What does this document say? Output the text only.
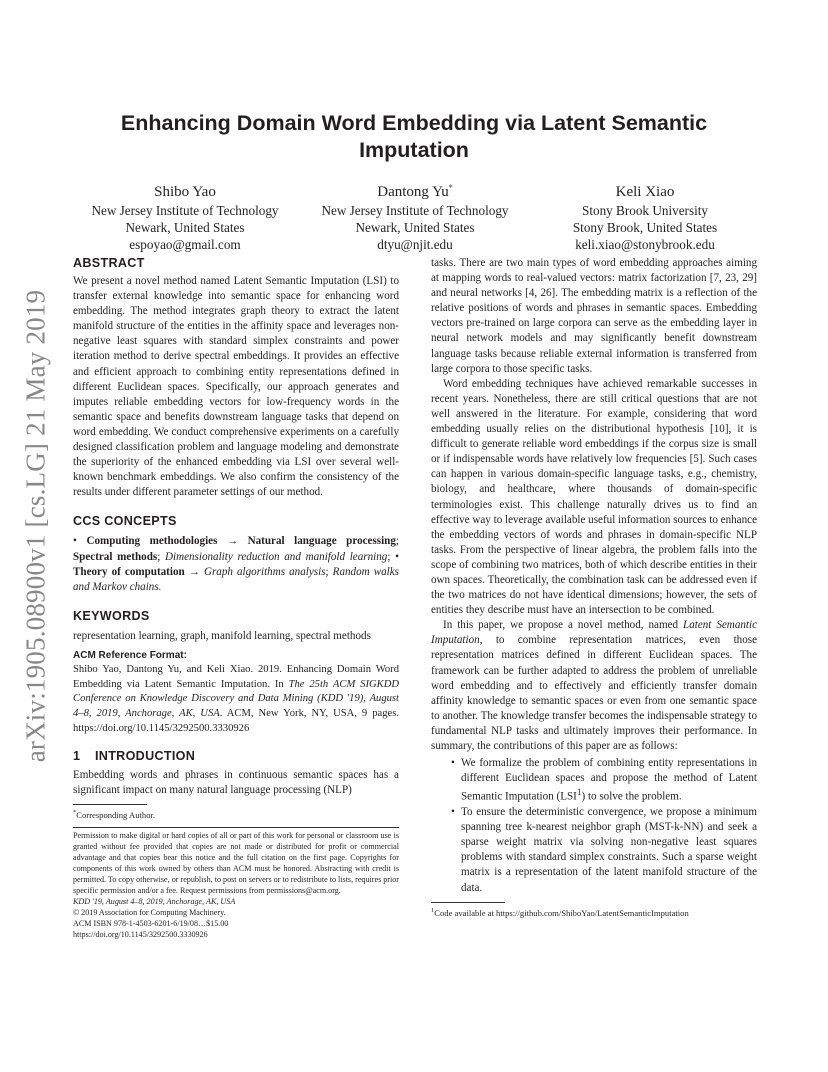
arXiv:1905.08900v1 [cs.LG] 21 May 2019
Enhancing Domain Word Embedding via Latent Semantic
Imputation
Shibo Yao
New Jersey Institute of Technology
Newark, United States
espoyao@gmail.com
Dantong Yu*
New Jersey Institute of Technology
Newark, United States
dtyu@njit.edu
Keli Xiao
Stony Brook University
Stony Brook, United States
keli.xiao@stonybrook.edu
ABSTRACT

We present a novel method named Latent Semantic Imputation (LSI) to transfer external knowledge into semantic space for enhancing word embedding. The method integrates graph theory to extract the latent manifold structure of the entities in the affinity space and leverages non-negative least squares with standard simplex constraints and power iteration method to derive spectral embeddings. It provides an effective and efficient approach to combining entity representations defined in different Euclidean spaces. Specifically, our approach generates and imputes reliable embedding vectors for low-frequency words in the semantic space and benefits downstream language tasks that depend on word embedding. We conduct comprehensive experiments on a carefully designed classification problem and language modeling and demonstrate the superiority of the enhanced embedding via LSI over several well-known benchmark embeddings. We also confirm the consistency of the results under different parameter settings of our method.

CCS CONCEPTS

• Computing methodologies → Natural language processing; Spectral methods; Dimensionality reduction and manifold learning; • Theory of computation → Graph algorithms analysis; Random walks and Markov chains.

KEYWORDS

representation learning, graph, manifold learning, spectral methods

ACM Reference Format:

Shibo Yao, Dantong Yu, and Keli Xiao. 2019. Enhancing Domain Word Embedding via Latent Semantic Imputation. In The 25th ACM SIGKDD Conference on Knowledge Discovery and Data Mining (KDD '19), August 4–8, 2019, Anchorage, AK, USA. ACM, New York, NY, USA, 9 pages. https://doi.org/10.1145/3292500.3330926

1 INTRODUCTION

Embedding words and phrases in continuous semantic spaces has a significant impact on many natural language processing (NLP)

*Corresponding Author.

Permission to make digital or hard copies of all or part of this work for personal or classroom use is granted without fee provided that copies are not made or distributed for profit or commercial advantage and that copies bear this notice and the full citation on the first page. Copyrights for components of this work owned by others than ACM must be honored. Abstracting with credit is permitted. To copy otherwise, or republish, to post on servers or to redistribute to lists, requires prior specific permission and/or a fee. Request permissions from permissions@acm.org.

KDD '19, August 4–8, 2019, Anchorage, AK, USA

© 2019 Association for Computing Machinery.

ACM ISBN 978-1-4503-6201-6/19/08…$15.00

https://doi.org/10.1145/3292500.3330926

tasks. There are two main types of word embedding approaches aiming at mapping words to real-valued vectors: matrix factorization [7, 23, 29] and neural networks [4, 26]. The embedding matrix is a reflection of the relative positions of words and phrases in semantic spaces. Embedding vectors pre-trained on large corpora can serve as the embedding layer in neural network models and may significantly benefit downstream language tasks because reliable external information is transferred from large corpora to those specific tasks.

Word embedding techniques have achieved remarkable successes in recent years. Nonetheless, there are still critical questions that are not well answered in the literature. For example, considering that word embedding usually relies on the distributional hypothesis [10], it is difficult to generate reliable word embeddings if the corpus size is small or if indispensable words have relatively low frequencies [5]. Such cases can happen in various domain-specific language tasks, e.g., chemistry, biology, and healthcare, where thousands of domain-specific terminologies exist. This challenge naturally drives us to find an effective way to leverage available useful information sources to enhance the embedding vectors of words and phrases in domain-specific NLP tasks. From the perspective of linear algebra, the problem falls into the scope of combining two matrices, both of which describe entities in their own spaces. Theoretically, the combination task can be addressed even if the two matrices do not have identical dimensions; however, the sets of entities they describe must have an intersection to be combined.

In this paper, we propose a novel method, named Latent Semantic Imputation, to combine representation matrices, even those representation matrices defined in different Euclidean spaces. The framework can be further adapted to address the problem of unreliable word embedding and to effectively and efficiently transfer domain affinity knowledge to semantic spaces or even from one semantic space to another. The knowledge transfer becomes the indispensable strategy to fundamental NLP tasks and ultimately improves their performance. In summary, the contributions of this paper are as follows:

• We formalize the problem of combining entity representations in different Euclidean spaces and propose the method of Latent Semantic Imputation (LSI$^1$) to solve the problem.
• To ensure the deterministic convergence, we propose a minimum spanning tree k-nearest neighbor graph (MST-k-NN) and seek a sparse weight matrix via solving non-negative least squares problems with standard simplex constraints. Such a sparse weight matrix is a representation of the latent manifold structure of the data.

$^1$Code available at https://github.com/ShiboYao/LatentSemanticImputation
